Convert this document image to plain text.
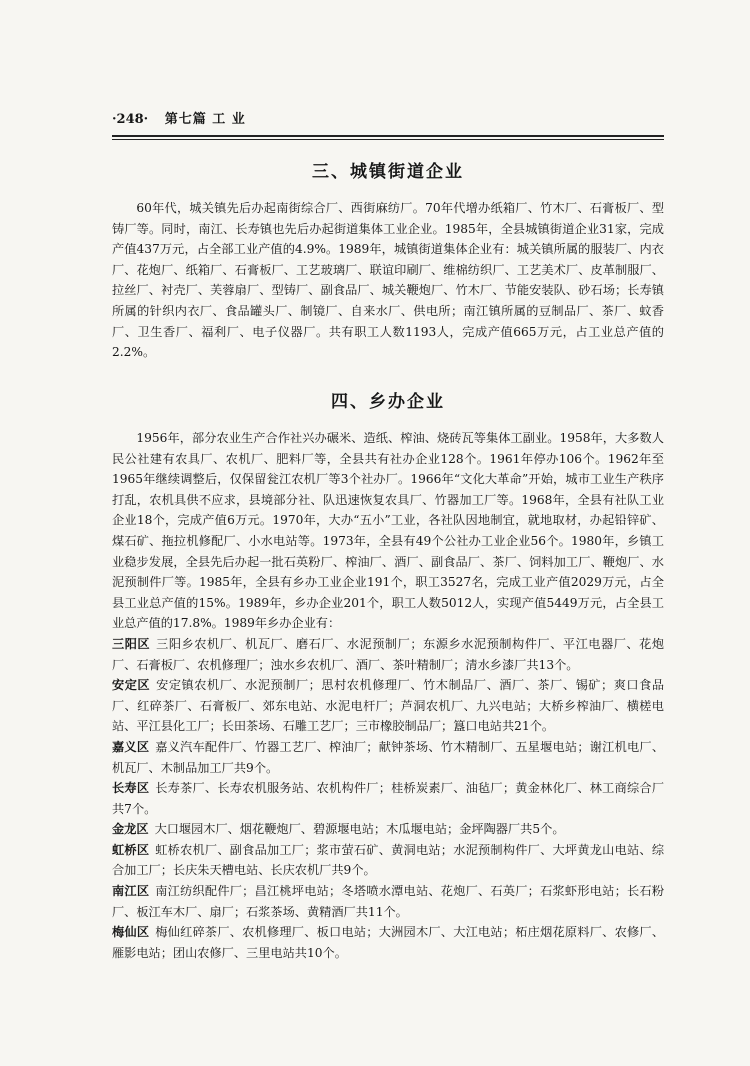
·248· 第七篇 工 业
三、城镇街道企业

60年代，城关镇先后办起南街综合厂、西街麻纺厂。70年代增办纸箱厂、竹木厂、石膏板厂、型铸厂等。同时，南江、长寿镇也先后办起街道集体工业企业。1985年，全县城镇街道企业31家，完成产值437万元，占全部工业产值的4.9%。1989年，城镇街道集体企业有：城关镇所属的服装厂、内衣厂、花炮厂、纸箱厂、石膏板厂、工艺玻璃厂、联谊印刷厂、维棉纺织厂、工艺美术厂、皮革制服厂、拉丝厂、衬壳厂、芙蓉扇厂、型铸厂、副食品厂、城关鞭炮厂、竹木厂、节能安装队、砂石场；长寿镇所属的针织内衣厂、食品罐头厂、制镜厂、自来水厂、供电所；南江镇所属的豆制品厂、茶厂、蚊香厂、卫生香厂、福利厂、电子仪器厂。共有职工人数1193人，完成产值665万元，占工业总产值的2.2%。

四、乡办企业

1956年，部分农业生产合作社兴办碾米、造纸、榨油、烧砖瓦等集体工副业。1958年，大多数人民公社建有农具厂、农机厂、肥料厂等，全县共有社办企业128个。1961年停办106个。1962年至1965年继续调整后，仅保留瓮江农机厂等3个社办厂。1966年“文化大革命”开始，城市工业生产秩序打乱，农机具供不应求，县境部分社、队迅速恢复农具厂、竹器加工厂等。1968年，全县有社队工业企业18个，完成产值6万元。1970年，大办“五小”工业，各社队因地制宜，就地取材，办起铅锌矿、煤石矿、拖拉机修配厂、小水电站等。1973年，全县有49个公社办工业企业56个。1980年，乡镇工业稳步发展，全县先后办起一批石英粉厂、榨油厂、酒厂、副食品厂、茶厂、饲料加工厂、鞭炮厂、水泥预制件厂等。1985年，全县有乡办工业企业191个，职工3527名，完成工业产值2029万元，占全县工业总产值的15%。1989年，乡办企业201个，职工人数5012人，实现产值5449万元，占全县工业总产值的17.8%。1989年乡办企业有：

三阳区 三阳乡农机厂、机瓦厂、磨石厂、水泥预制厂；东源乡水泥预制构件厂、平江电器厂、花炮厂、石膏板厂、农机修理厂；浊水乡农机厂、酒厂、茶叶精制厂；清水乡漆厂共13个。

安定区 安定镇农机厂、水泥预制厂；思村农机修理厂、竹木制品厂、酒厂、茶厂、锡矿；爽口食品厂、红碎茶厂、石膏板厂、郊东电站、水泥电杆厂；芦洞农机厂、九兴电站；大桥乡榨油厂、横槎电站、平江县化工厂；长田茶场、石雕工艺厂；三市橡胶制品厂；簋口电站共21个。

嘉义区 嘉义汽车配件厂、竹器工艺厂、榨油厂；献钟茶场、竹木精制厂、五星堰电站；谢江机电厂、机瓦厂、木制品加工厂共9个。

长寿区 长寿茶厂、长寿农机服务站、农机构件厂；桂桥炭素厂、油毡厂；黄金林化厂、林工商综合厂共7个。

金龙区 大口堰园木厂、烟花鞭炮厂、碧源堰电站；木瓜堰电站；金坪陶器厂共5个。

虹桥区 虹桥农机厂、副食品加工厂；浆市萤石矿、黄洞电站；水泥预制构件厂、大坪黄龙山电站、综合加工厂；长庆朱天槽电站、长庆农机厂共9个。

南江区 南江纺织配件厂；昌江桃坪电站；冬塔喷水潭电站、花炮厂、石英厂；石浆虾形电站；长石粉厂、板江车木厂、扇厂；石浆茶场、黄精酒厂共11个。

梅仙区 梅仙红碎茶厂、农机修理厂、板口电站；大洲园木厂、大江电站；柘庄烟花原料厂、农修厂、雁影电站；团山农修厂、三里电站共10个。
